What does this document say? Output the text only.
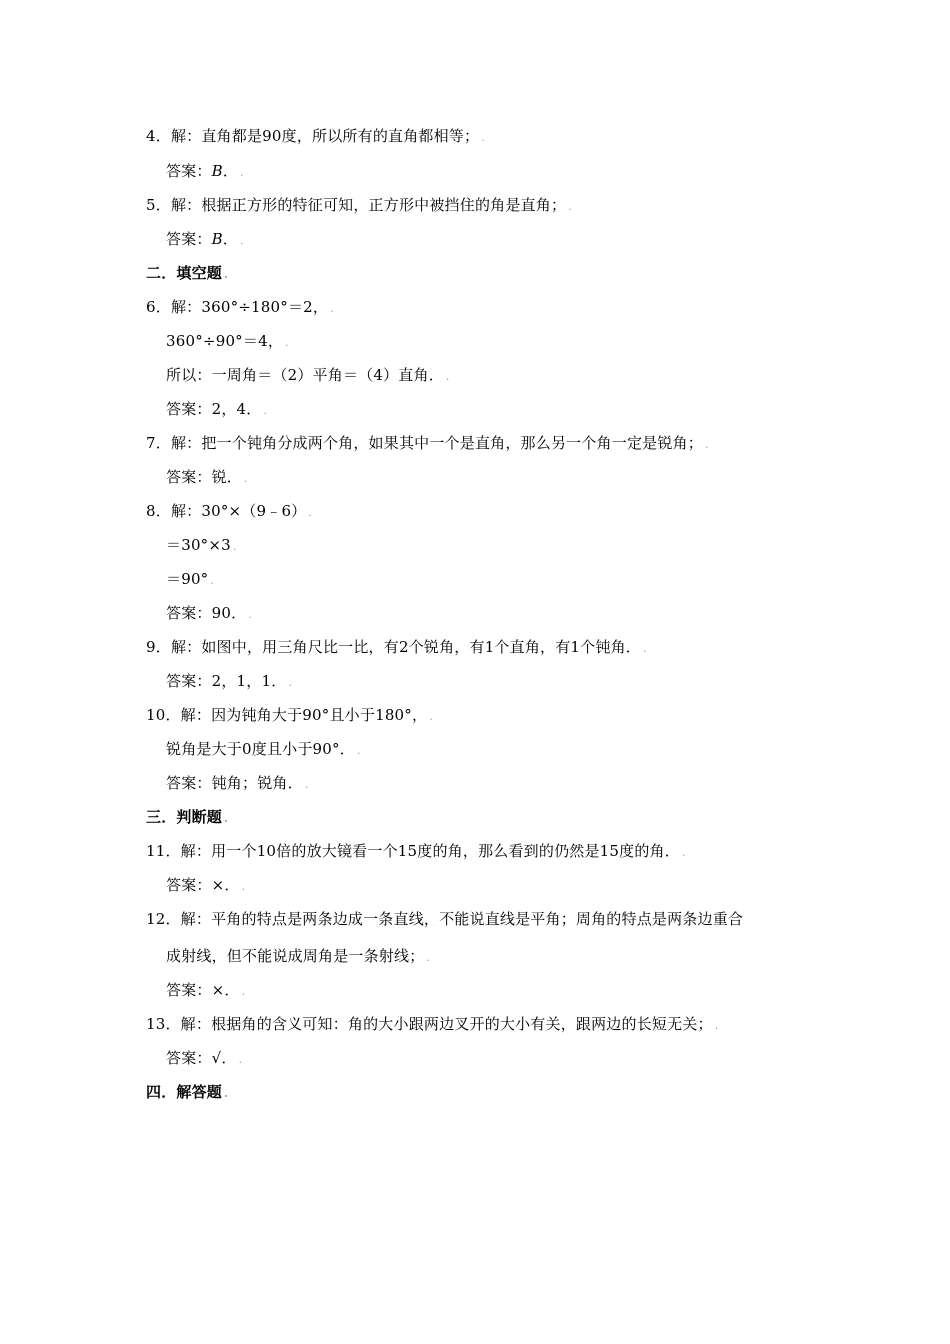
4．解：直角都是90度，所以所有的直角都相等； .
答案：B． .
5．解：根据正方形的特征可知，正方形中被挡住的角是直角； .
答案：B． .
二．填空题 .
6．解：360°÷180°＝2， .
360°÷90°＝4， .
所以：一周角＝（2）平角＝（4）直角． .
答案：2，4． .
7．解：把一个钝角分成两个角，如果其中一个是直角，那么另一个角一定是锐角； .
答案：锐． .
8．解：30°×（9﹣6） .
＝30°×3 .
＝90° .
答案：90． .
9．解：如图中，用三角尺比一比，有2个锐角，有1个直角，有1个钝角． .
答案：2，1，1． .
10．解：因为钝角大于90°且小于180°， .
锐角是大于0度且小于90°． .
答案：钝角；锐角． .
三．判断题 .
11．解：用一个10倍的放大镜看一个15度的角，那么看到的仍然是15度的角． .
答案：×． .
12．解：平角的特点是两条边成一条直线，不能说直线是平角；周角的特点是两条边重合
成射线，但不能说成周角是一条射线； .
答案：×． .
13．解：根据角的含义可知：角的大小跟两边叉开的大小有关，跟两边的长短无关； .
答案：√． .
四．解答题 .
